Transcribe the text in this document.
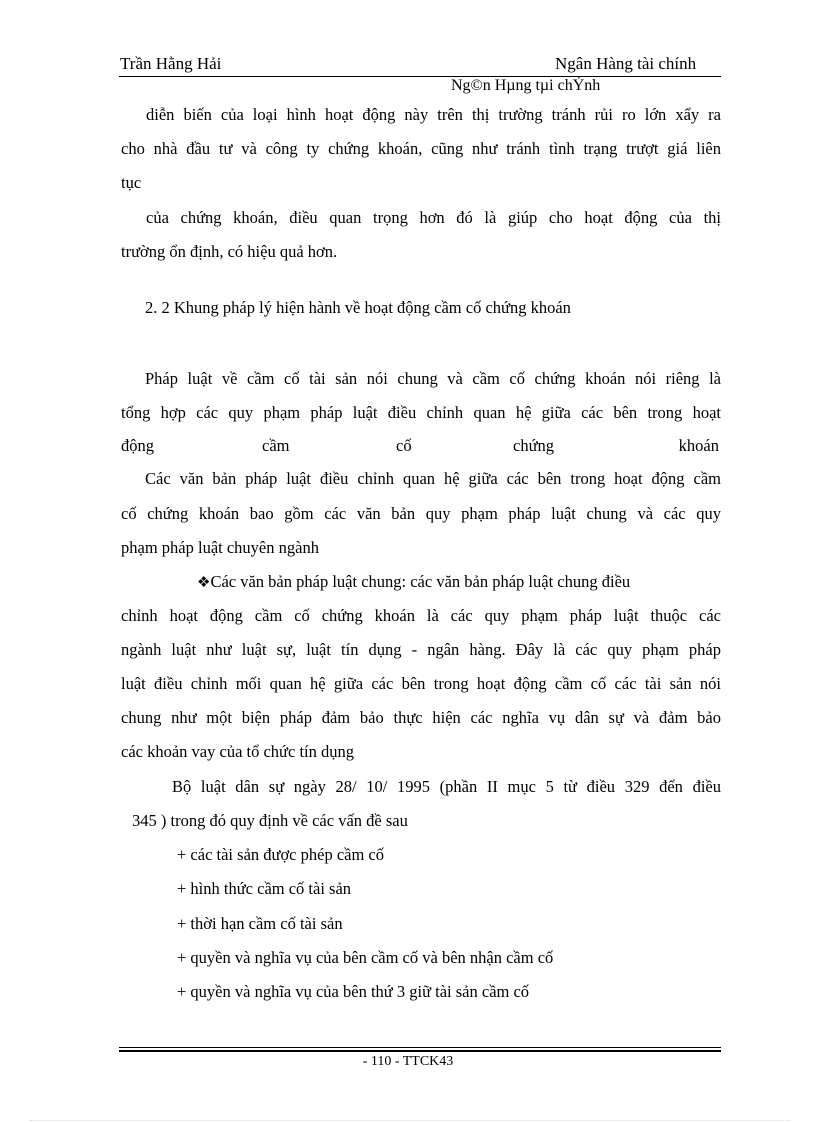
Trần Hằng Hải	Ngân Hàng tài chính
Ng©n Hµng tµi chÝnh
diễn biến của loại hình hoạt động này trên thị trường tránh rủi ro lớn xẩy ra
cho nhà đầu tư và công ty chứng khoán, cũng như tránh tình trạng trượt giá liên
tục
của chứng khoán, điều quan trọng hơn đó là giúp cho hoạt động của thị
trường ổn định, có hiệu quả hơn.
2. 2 Khung pháp lý hiện hành về hoạt động cầm cố chứng khoán
Pháp luật về cầm cố tài sản nói chung và cầm cố chứng khoán nói riêng là
tổng hợp các quy phạm pháp luật điều chỉnh quan hệ giữa các bên trong hoạt
động	cầm	cố	chứng	khoán
Các văn bản pháp luật điều chỉnh quan hệ giữa các bên trong hoạt động cầm
cố chứng khoán bao gồm các văn bản quy phạm pháp luật chung và các quy
phạm pháp luật chuyên ngành
❖Các văn bản pháp luật chung: các văn bản pháp luật chung điều
chỉnh hoạt động cầm cố chứng khoán là các quy phạm pháp luật thuộc các
ngành luật như luật sự, luật tín dụng - ngân hàng. Đây là các quy phạm pháp
luật điều chỉnh mối quan hệ giữa các bên trong hoạt động cầm cố các tài sản nói
chung như một biện pháp đảm bảo thực hiện các nghĩa vụ dân sự và đảm bảo
các khoản vay của tổ chức tín dụng
Bộ luật dân sự ngày 28/ 10/ 1995 (phần II mục 5 từ điều 329 đến điều
345 ) trong đó quy định về các vấn đề sau
+ các tài sản được phép cầm cố
+ hình thức cầm cố tài sản
+ thời hạn cầm cố tài sản
+ quyền và nghĩa vụ của bên cầm cố và bên nhận cầm cố
+ quyền và nghĩa vụ của bên thứ 3 giữ tài sản cầm cố
- 110 - TTCK43
